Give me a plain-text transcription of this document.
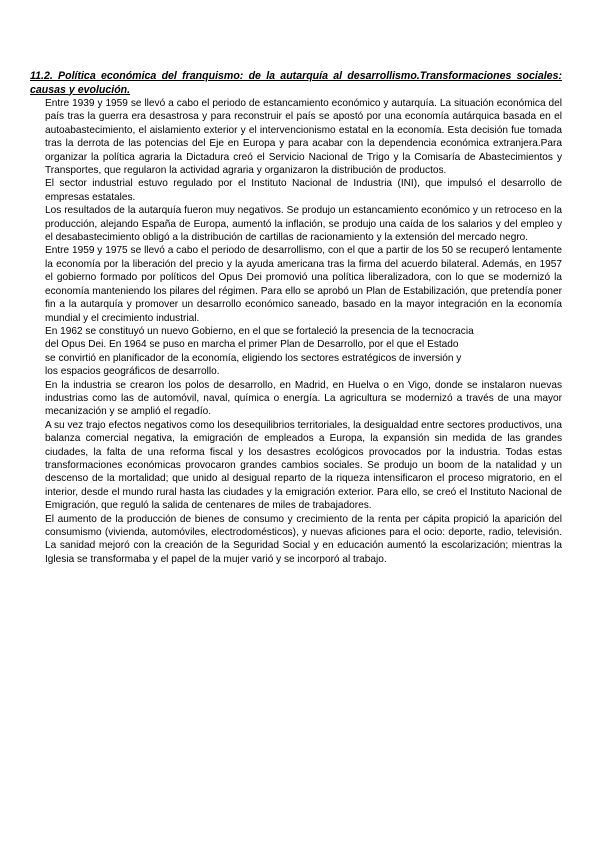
11.2. Política económica del franquismo: de la autarquía al desarrollismo.Transformaciones sociales: causas y evolución.

Entre 1939 y 1959 se llevó a cabo el periodo de estancamiento económico y autarquía. La situación económica del país tras la guerra era desastrosa y para reconstruir el país se apostó por una economía autárquica basada en el autoabastecimiento, el aislamiento exterior y el intervencionismo estatal en la economía. Esta decisión fue tomada tras la derrota de las potencias del Eje en Europa y para acabar con la dependencia económica extranjera.Para organizar la política agraria la Dictadura creó el Servicio Nacional de Trigo y la Comisaría de Abastecimientos y Transportes, que regularon la actividad agraria y organizaron la distribución de productos.

El sector industrial estuvo regulado por el Instituto Nacional de Industria (INI), que impulsó el desarrollo de empresas estatales.

Los resultados de la autarquía fueron muy negativos. Se produjo un estancamiento económico y un retroceso en la producción, alejando España de Europa, aumentó la inflación, se produjo una caída de los salarios y del empleo y el desabastecimiento obligó a la distribución de cartillas de racionamiento y la extensión del mercado negro.

Entre 1959 y 1975 se llevó a cabo el periodo de desarrollismo, con el que a partir de los 50 se recuperó lentamente la economía por la liberación del precio y la ayuda americana tras la firma del acuerdo bilateral. Además, en 1957 el gobierno formado por políticos del Opus Dei promovió una política liberalizadora, con lo que se modernizó la economía manteniendo los pilares del régimen. Para ello se aprobó un Plan de Estabilización, que pretendía poner fin a la autarquía y promover un desarrollo económico saneado, basado en la mayor integración en la economía mundial y el crecimiento industrial.

En 1962 se constituyó un nuevo Gobierno, en el que se fortaleció la presencia de la tecnocracia
del Opus Dei. En 1964 se puso en marcha el primer Plan de Desarrollo, por el que el Estado
se convirtió en planificador de la economía, eligiendo los sectores estratégicos de inversión y
los espacios geográficos de desarrollo.

En la industria se crearon los polos de desarrollo, en Madrid, en Huelva o en Vigo, donde se instalaron nuevas industrias como las de automóvil, naval, química o energía. La agricultura se modernizó a través de una mayor mecanización y se amplió el regadío.

A su vez trajo efectos negativos como los desequilibrios territoriales, la desigualdad entre sectores productivos, una balanza comercial negativa, la emigración de empleados a Europa, la expansión sin medida de las grandes ciudades, la falta de una reforma fiscal y los desastres ecológicos provocados por la industria. Todas estas transformaciones económicas provocaron grandes cambios sociales. Se produjo un boom de la natalidad y un descenso de la mortalidad; que unido al desigual reparto de la riqueza intensificaron el proceso migratorio, en el interior, desde el mundo rural hasta las ciudades y la emigración exterior. Para ello, se creó el Instituto Nacional de Emigración, que reguló la salida de centenares de miles de trabajadores.

El aumento de la producción de bienes de consumo y crecimiento de la renta per cápita propició la aparición del consumismo (vivienda, automóviles, electrodomésticos), y nuevas aficiones para el ocio: deporte, radio, televisión. La sanidad mejoró con la creación de la Seguridad Social y en educación aumentó la escolarización; mientras la Iglesia se transformaba y el papel de la mujer varió y se incorporó al trabajo.
